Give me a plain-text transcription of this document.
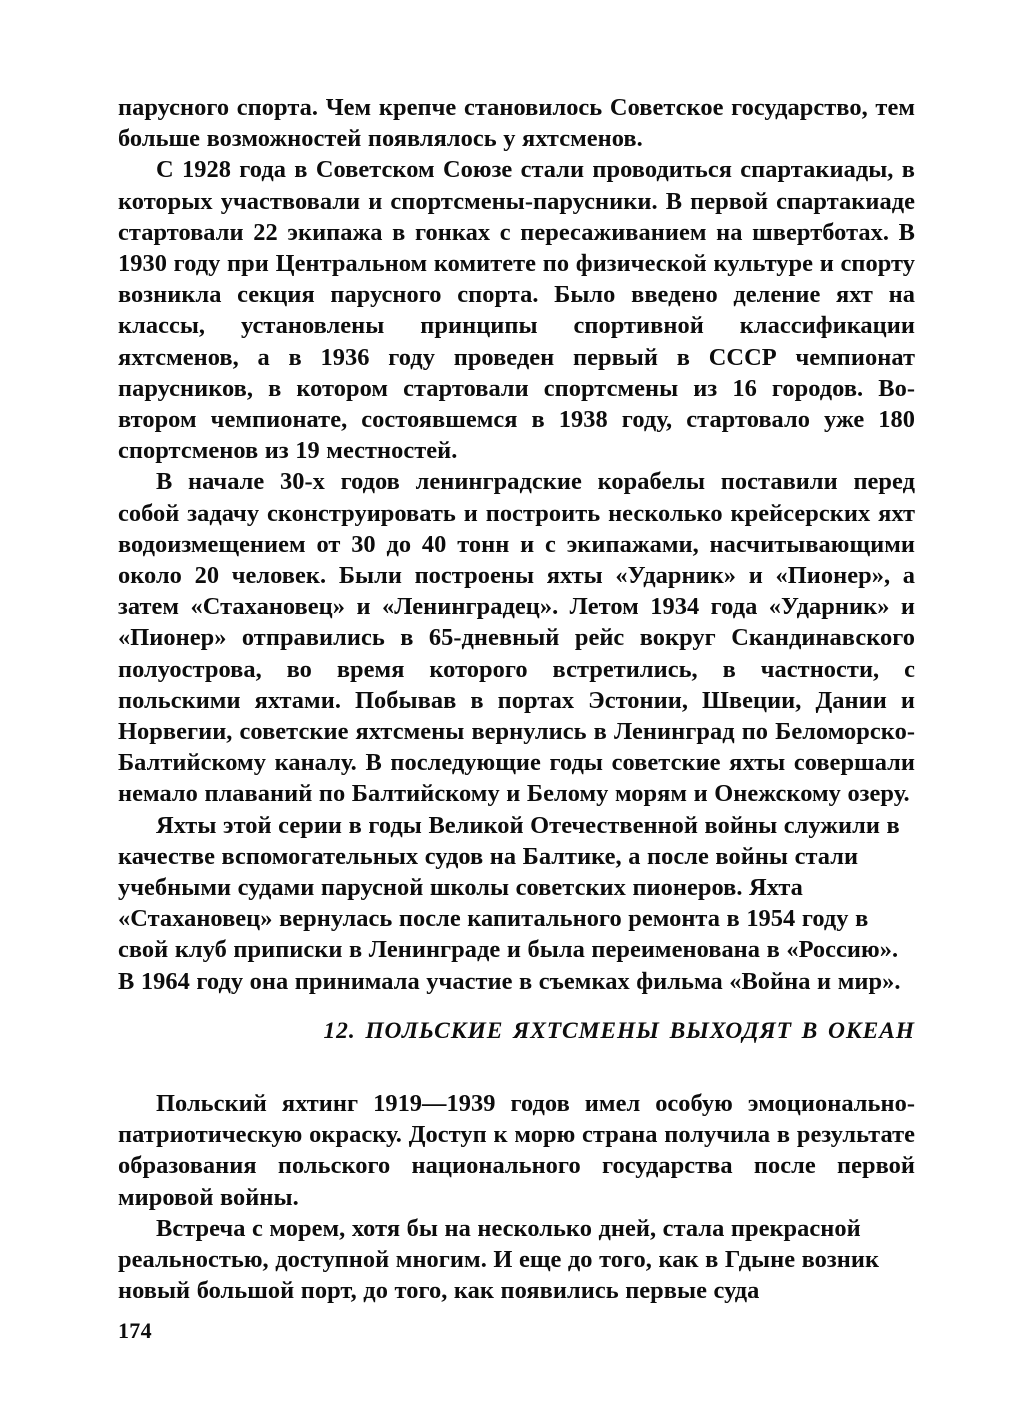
парусного спорта. Чем крепче становилось Советское государство, тем больше возможностей появлялось у яхтсменов.

С 1928 года в Советском Союзе стали проводиться спартакиады, в которых участвовали и спортсмены-парусники. В первой спартакиаде стартовали 22 экипажа в гонках с пересаживанием на швертботах. В 1930 году при Центральном комитете по физической культуре и спорту возникла секция парусного спорта. Было введено деление яхт на классы, установлены принципы спортивной классификации яхтсменов, а в 1936 году проведен первый в СССР чемпионат парусников, в котором стартовали спортсмены из 16 городов. Во-втором чемпионате, состоявшемся в 1938 году, стартовало уже 180 спортсменов из 19 местностей.

В начале 30-х годов ленинградские корабелы поставили перед собой задачу сконструировать и построить несколько крейсерских яхт водоизмещением от 30 до 40 тонн и с экипажами, насчитывающими около 20 человек. Были построены яхты «Ударник» и «Пионер», а затем «Стахановец» и «Ленинградец». Летом 1934 года «Ударник» и «Пионер» отправились в 65-дневный рейс вокруг Скандинавского полуострова, во время которого встретились, в частности, с польскими яхтами. Побывав в портах Эстонии, Швеции, Дании и Норвегии, советские яхтсмены вернулись в Ленинград по Беломорско-Балтийскому каналу. В последующие годы советские яхты совершали немало плаваний по Балтийскому и Белому морям и Онежскому озеру.

Яхты этой серии в годы Великой Отечественной войны служили в качестве вспомогательных судов на Балтике, а после войны стали учебными судами парусной школы советских пионеров. Яхта «Стахановец» вернулась после капитального ремонта в 1954 году в свой клуб приписки в Ленинграде и была переименована в «Россию». В 1964 году она принимала участие в съемках фильма «Война и мир».

12. ПОЛЬСКИЕ ЯХТСМЕНЫ ВЫХОДЯТ В ОКЕАН

Польский яхтинг 1919—1939 годов имел особую эмоционально-патриотическую окраску. Доступ к морю страна получила в результате образования польского национального государства после первой мировой войны.

Встреча с морем, хотя бы на несколько дней, стала прекрасной реальностью, доступной многим. И еще до того, как в Гдыне возник новый большой порт, до того, как появились первые суда

174
